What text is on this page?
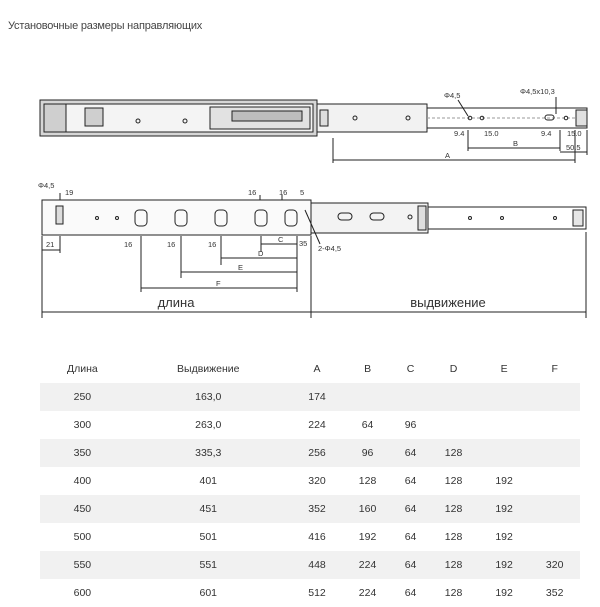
Установочные размеры направляющих
Φ4,5	Φ4,5x10,3
9.4	15.0	9.4 15.0
50.5
A
B
Φ4,5
19	16	16 5
35
2-Φ4,5
21	16	16	16
C
D
E
F
длина	выдвижение
Длина	Выдвижение	A	B	C	D	E	F
250	163,0	174					
300	263,0	224	64	96			
350	335,3	256	96	64	128		
400	401	320	128	64	128	192	
450	451	352	160	64	128	192	
500	501	416	192	64	128	192	
550	551	448	224	64	128	192	320
600	601	512	224	64	128	192	352
